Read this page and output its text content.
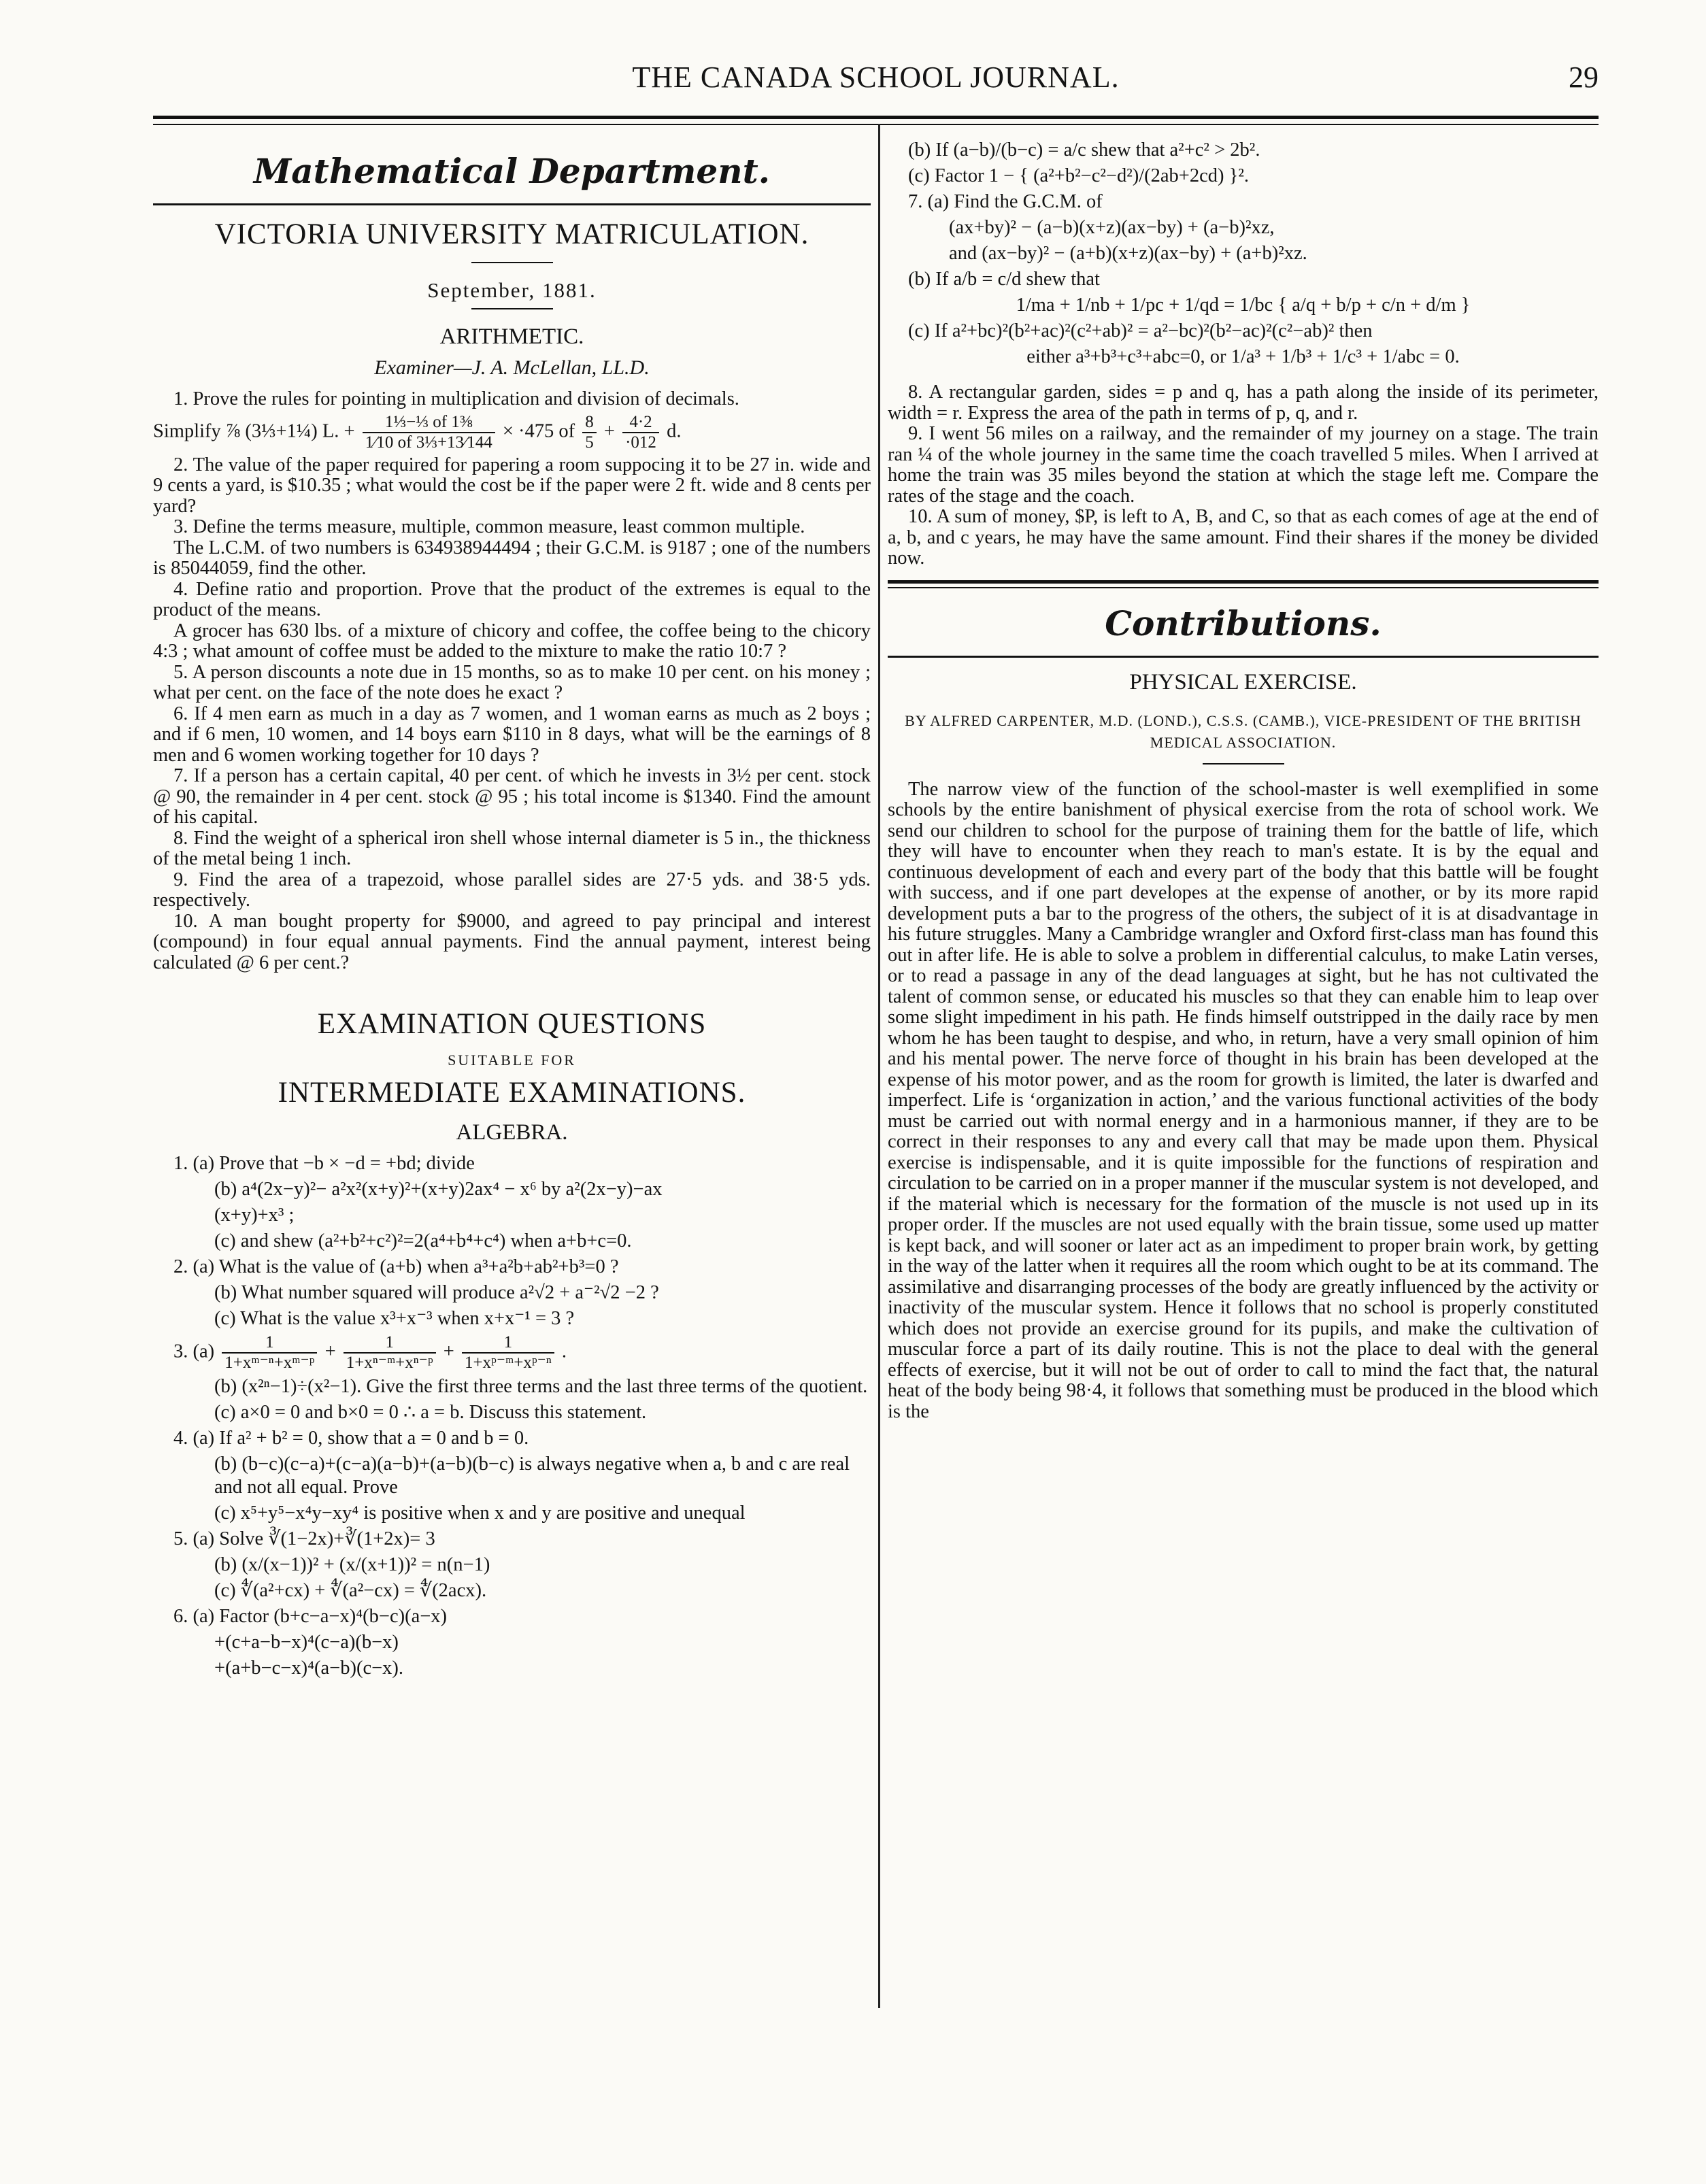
THE CANADA SCHOOL JOURNAL.	29
Mathematical Department.
VICTORIA UNIVERSITY MATRICULATION.
September, 1881.
ARITHMETIC.
Examiner—J. A. McLellan, LL.D.

1. Prove the rules for pointing in multiplication and division of decimals.

Simplify ⅞ (3⅓+1¼) L. + $\frac{\text{1⅓−⅓ of 1⅜}}{\text{1⁄10 of 3⅓+13⁄144}} \times \cdot 475$ of $\frac{8}{5} + \frac{4\cdot 2}{\cdot 012} d$.

2. The value of the paper required for papering a room suppocing it to be 27 in. wide and 9 cents a yard, is $10.35 ; what would the cost be if the paper were 2 ft. wide and 8 cents per yard?

3. Define the terms measure, multiple, common measure, least common multiple.

The L.C.M. of two numbers is 634938944494 ; their G.C.M. is 9187 ; one of the numbers is 85044059, find the other.

4. Define ratio and proportion. Prove that the product of the extremes is equal to the product of the means.

A grocer has 630 lbs. of a mixture of chicory and coffee, the coffee being to the chicory 4:3 ; what amount of coffee must be added to the mixture to make the ratio 10:7 ?

5. A person discounts a note due in 15 months, so as to make 10 per cent. on his money ; what per cent. on the face of the note does he exact ?

6. If 4 men earn as much in a day as 7 women, and 1 woman earns as much as 2 boys ; and if 6 men, 10 women, and 14 boys earn $110 in 8 days, what will be the earnings of 8 men and 6 women working together for 10 days ?

7. If a person has a certain capital, 40 per cent. of which he invests in 3½ per cent. stock @ 90, the remainder in 4 per cent. stock @ 95 ; his total income is $1340. Find the amount of his capital.

8. Find the weight of a spherical iron shell whose internal diameter is 5 in., the thickness of the metal being 1 inch.

9. Find the area of a trapezoid, whose parallel sides are 27·5 yds. and 38·5 yds. respectively.

10. A man bought property for $9000, and agreed to pay principal and interest (compound) in four equal annual payments. Find the annual payment, interest being calculated @ 6 per cent.?

EXAMINATION QUESTIONS
SUITABLE FOR
INTERMEDIATE EXAMINATIONS.
ALGEBRA.
1. (a) Prove that −b × −d = +bd; divide
(b) a⁴(2x−y)²− a²x²(x+y)²+(x+y)2ax⁴ − x⁶ by a²(2x−y)−ax
(x+y)+x³ ;
(c) and shew (a²+b²+c²)²=2(a⁴+b⁴+c⁴) when a+b+c=0.
2. (a) What is the value of (a+b) when a³+a²b+ab²+b³=0 ?
(b) What number squared will produce a²√2 + a⁻²√2 −2 ?
(c) What is the value x³+x⁻³ when x+x⁻¹ = 3 ?
3. $(a) \frac{1}{\text{1+xᵐ⁻ⁿ+xᵐ⁻ᵖ}} + \frac{1}{\text{1+xⁿ⁻ᵐ+xⁿ⁻ᵖ}} + \frac{1}{\text{1+xᵖ⁻ᵐ+xᵖ⁻ⁿ}}$ .
(b) (x²ⁿ−1)÷(x²−1). Give the first three terms and the last three terms of the quotient.
(c) a×0 = 0 and b×0 = 0 ∴ a = b. Discuss this statement.
4. (a) If a² + b² = 0, show that a = 0 and b = 0.
(b) (b−c)(c−a)+(c−a)(a−b)+(a−b)(b−c) is always negative when a, b and c are real and not all equal. Prove
(c) x⁵+y⁵−x⁴y−xy⁴ is positive when x and y are positive and unequal
5. (a) Solve ∛(1−2x)+∛(1+2x)= 3
(b) (x/(x−1))² + (x/(x+1))² = n(n−1)
(c) ∜(a²+cx) + ∜(a²−cx) = ∜(2acx).
6. (a) Factor (b+c−a−x)⁴(b−c)(a−x)
+(c+a−b−x)⁴(c−a)(b−x)
+(a+b−c−x)⁴(a−b)(c−x).
(b) If (a−b)/(b−c) = a/c shew that a²+c² > 2b².
(c) Factor 1 − { (a²+b²−c²−d²)/(2ab+2cd) }².
7. (a) Find the G.C.M. of
(ax+by)² − (a−b)(x+z)(ax−by) + (a−b)²xz,
and (ax−by)² − (a+b)(x+z)(ax−by) + (a+b)²xz.
(b) If a/b = c/d shew that
1/ma + 1/nb + 1/pc + 1/qd = 1/bc { a/q + b/p + c/n + d/m }
(c) If a²+bc)²(b²+ac)²(c²+ab)² = a²−bc)²(b²−ac)²(c²−ab)² then
either a³+b³+c³+abc=0, or 1/a³ + 1/b³ + 1/c³ + 1/abc = 0.

8. A rectangular garden, sides = p and q, has a path along the inside of its perimeter, width = r. Express the area of the path in terms of p, q, and r.

9. I went 56 miles on a railway, and the remainder of my journey on a stage. The train ran ¼ of the whole journey in the same time the coach travelled 5 miles. When I arrived at home the train was 35 miles beyond the station at which the stage left me. Compare the rates of the stage and the coach.

10. A sum of money, $P, is left to A, B, and C, so that as each comes of age at the end of a, b, and c years, he may have the same amount. Find their shares if the money be divided now.

Contributions.
PHYSICAL EXERCISE.
BY ALFRED CARPENTER, M.D. (LOND.), C.S.S. (CAMB.), VICE-PRESIDENT OF THE BRITISH MEDICAL ASSOCIATION.

The narrow view of the function of the school-master is well exemplified in some schools by the entire banishment of physical exercise from the rota of school work. We send our children to school for the purpose of training them for the battle of life, which they will have to encounter when they reach to man's estate. It is by the equal and continuous development of each and every part of the body that this battle will be fought with success, and if one part developes at the expense of another, or by its more rapid development puts a bar to the progress of the others, the subject of it is at disadvantage in his future struggles. Many a Cambridge wrangler and Oxford first-class man has found this out in after life. He is able to solve a problem in differential calculus, to make Latin verses, or to read a passage in any of the dead languages at sight, but he has not cultivated the talent of common sense, or educated his muscles so that they can enable him to leap over some slight impediment in his path. He finds himself outstripped in the daily race by men whom he has been taught to despise, and who, in return, have a very small opinion of him and his mental power. The nerve force of thought in his brain has been developed at the expense of his motor power, and as the room for growth is limited, the later is dwarfed and imperfect. Life is ‘organization in action,’ and the various functional activities of the body must be carried out with normal energy and in a harmonious manner, if they are to be correct in their responses to any and every call that may be made upon them. Physical exercise is indispensable, and it is quite impossible for the functions of respiration and circulation to be carried on in a proper manner if the muscular system is not developed, and if the material which is necessary for the formation of the muscle is not used up in its proper order. If the muscles are not used equally with the brain tissue, some used up matter is kept back, and will sooner or later act as an impediment to proper brain work, by getting in the way of the latter when it requires all the room which ought to be at its command. The assimilative and disarranging processes of the body are greatly influenced by the activity or inactivity of the muscular system. Hence it follows that no school is properly constituted which does not provide an exercise ground for its pupils, and make the cultivation of muscular force a part of its daily routine. This is not the place to deal with the general effects of exercise, but it will not be out of order to call to mind the fact that, the natural heat of the body being 98·4, it follows that something must be produced in the blood which is the
